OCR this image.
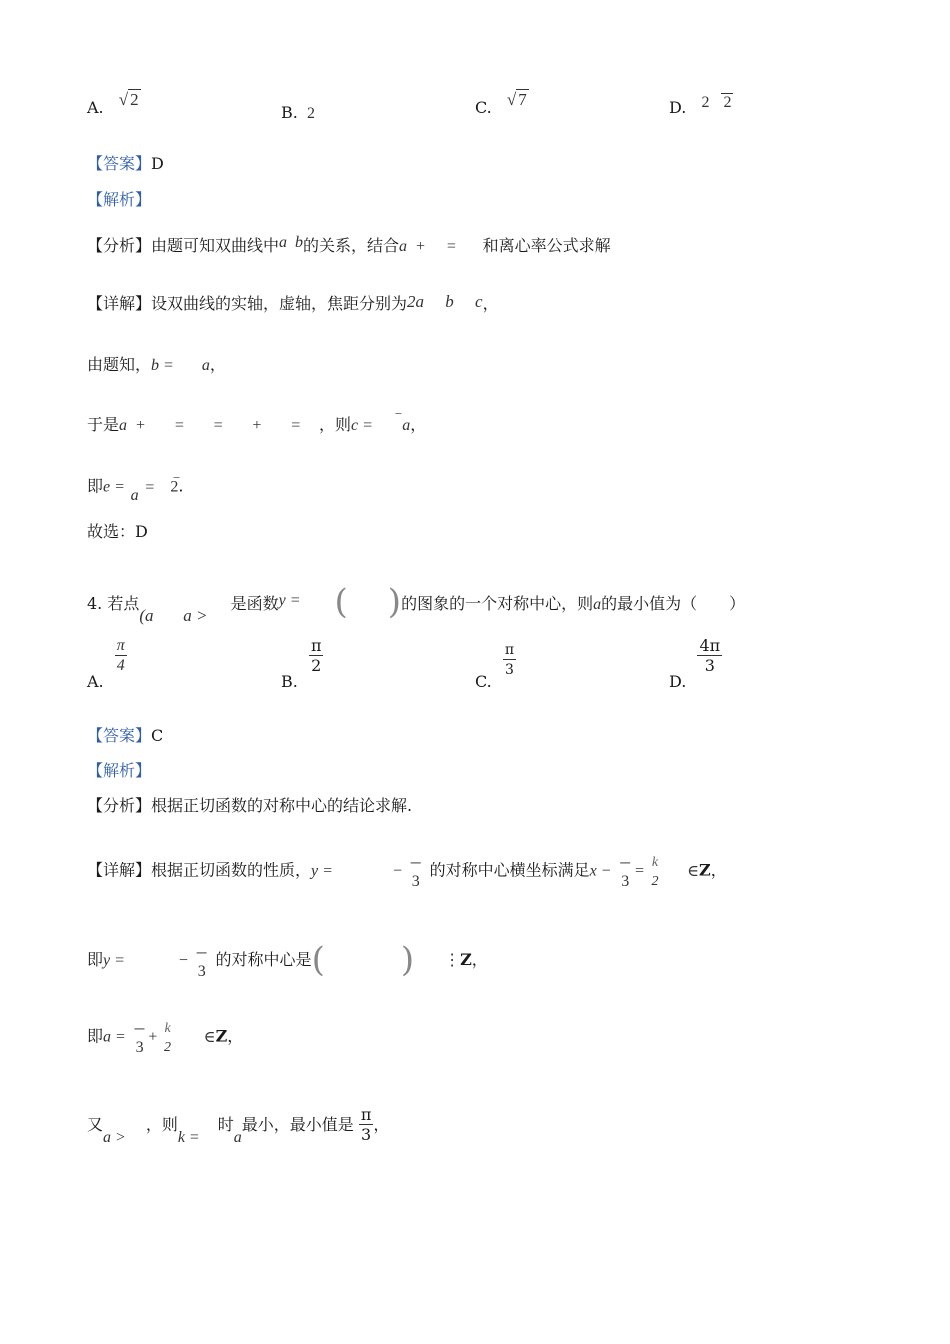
A. √ 2
B. 2	C. √ 7	D. 2 2
【答案】D
【解析】
【分析】由题可知双曲线中a  b的关系，结合a  +     = 和离心率公式求解
【详解】设双曲线的实轴，虚轴，焦距分别为2a     b     c，
由题知，b =       a，
于是a  +       =       =       +       = ，则c =−a，
即e =
a =−2.
故选：D
4. 若点(a       a > 是函数y = ( )的图象的一个对称中心，则a的最小值为（　　）
A.
$\frac{\pi}{4}$
B.
$\frac{\pi}{2}$
C.
$\frac{\pi}{3}$
D.
$\frac{4\pi}{3}$
【答案】C
【解析】
【分析】根据正切函数的对称中心的结论求解.
【详解】根据正切函数的性质，y =	− −
3
的对称中心横坐标满足x − −
3
= k
2
∈Z，
即y =	− −
3
的对称中心是( ) ⋮Z，
即a = −
3
+ k
2
∈Z，
又a >，则k =时a最小，最小值是 $\frac{\pi}{3}$ ，
